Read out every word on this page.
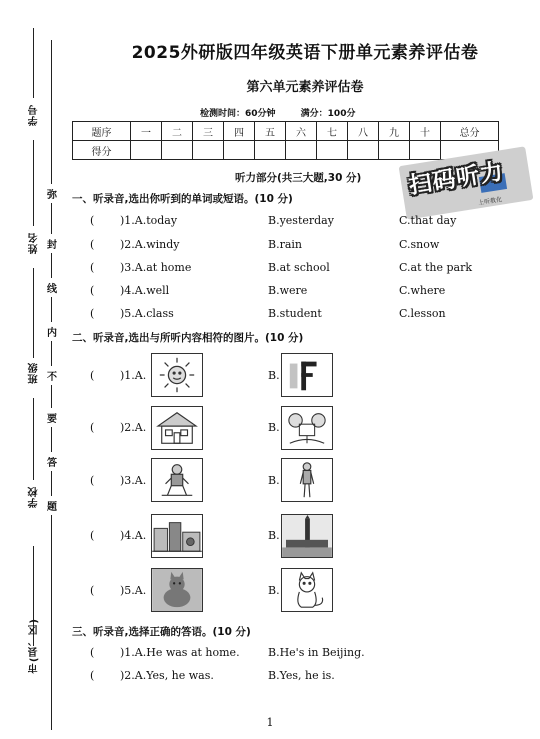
学号
姓名
班级
学校
市(县、区)
弥
封
线
内
不
要
答
题
2025外研版四年级英语下册单元素养评估卷
第六单元素养评估卷
检测时间：60分钟	满分：100分
题序	一	二	三	四	五	六	七	八	九	十	总分
得分											
扫码听力
上听教化
听力部分(共三大题,30 分)
一、听录音,选出你听到的单词或短语。(10 分)
( )1.A.today	B.yesterday	C.that day
( )2.A.windy	B.rain	C.snow
( )3.A.at home	B.at school	C.at the park
( )4.A.well	B.were	C.where
( )5.A.class	B.student	C.lesson
二、听录音,选出与所听内容相符的图片。(10 分)
( )1.A.	B.
( )2.A.	B.
( )3.A.	B.
( )4.A.	B.
( )5.A.	B.
三、听录音,选择正确的答语。(10 分)
( )1.A.He was at home.	B.He's in Beijing.
( )2.A.Yes, he was.	B.Yes, he is.
1
